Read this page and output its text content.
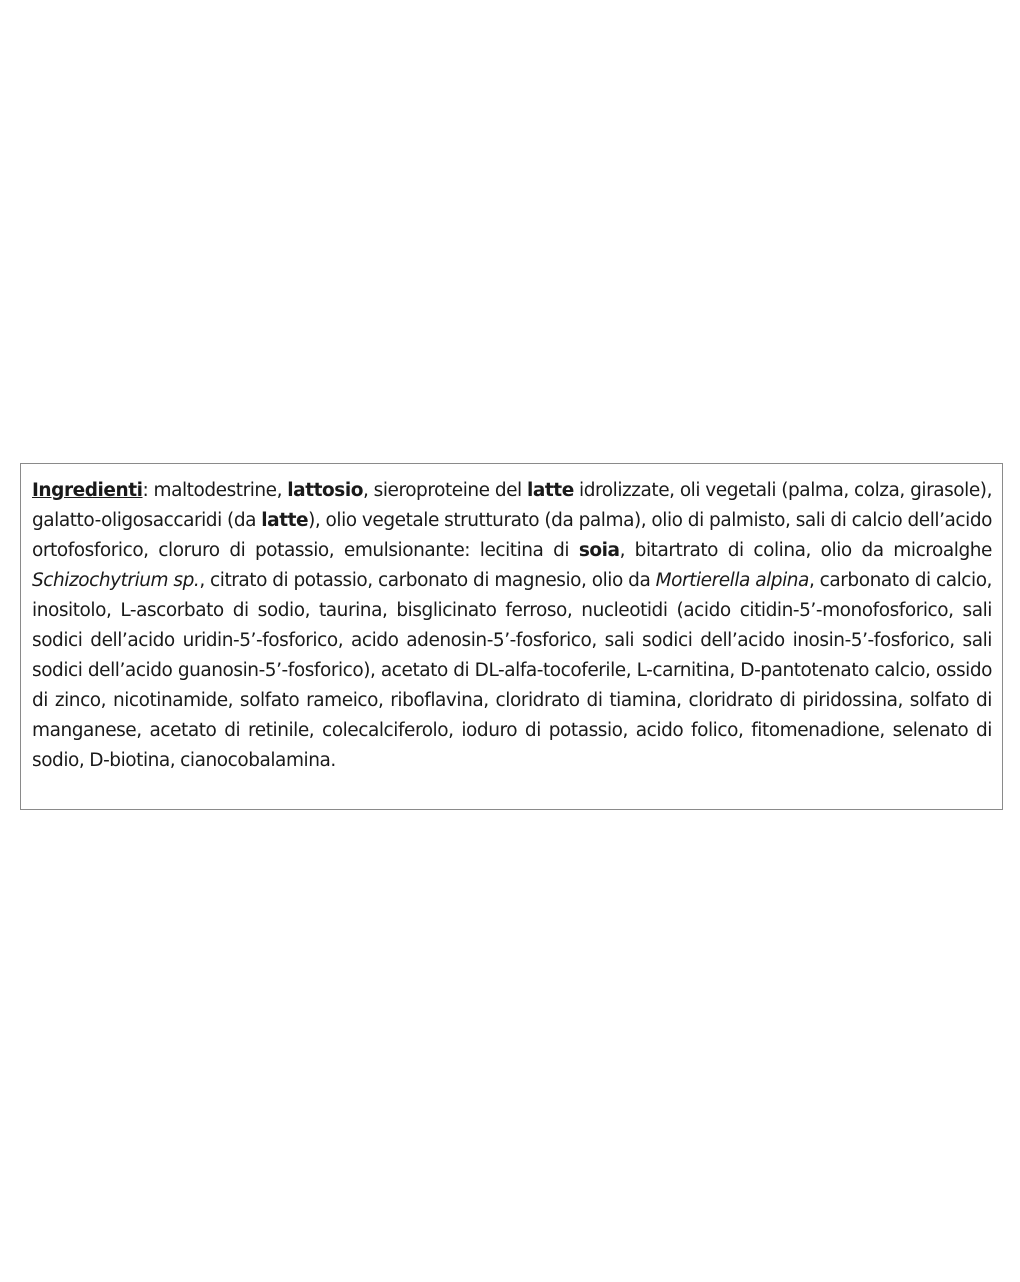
Ingredienti: maltodestrine, lattosio, sieroproteine del latte idrolizzate, oli vegetali (palma, colza, girasole), galatto-oligosaccaridi (da latte), olio vegetale strutturato (da palma), olio di palmisto, sali di calcio dell’acido ortofosforico, cloruro di potassio, emulsionante: lecitina di soia, bitartrato di colina, olio da microalghe Schizochytrium sp., citrato di potassio, carbonato di magnesio, olio da Mortierella alpina, carbonato di calcio, inositolo, L-ascorbato di sodio, taurina, bisglicinato ferroso, nucleotidi (acido citidin-5’-monofosforico, sali sodici dell’acido uridin-5’-fosforico, acido adenosin-5’-fosforico, sali sodici dell’acido inosin-5’-fosforico, sali sodici dell’acido guanosin-5’-fosforico), acetato di DL-alfa-tocoferile, L-carnitina, D-pantotenato calcio, ossido di zinco, nicotinamide, solfato rameico, riboflavina, cloridrato di tiamina, cloridrato di piridossina, solfato di manganese, acetato di retinile, colecalciferolo, ioduro di potassio, acido folico, fitomenadione, selenato di sodio, D-biotina, cianocobalamina.
